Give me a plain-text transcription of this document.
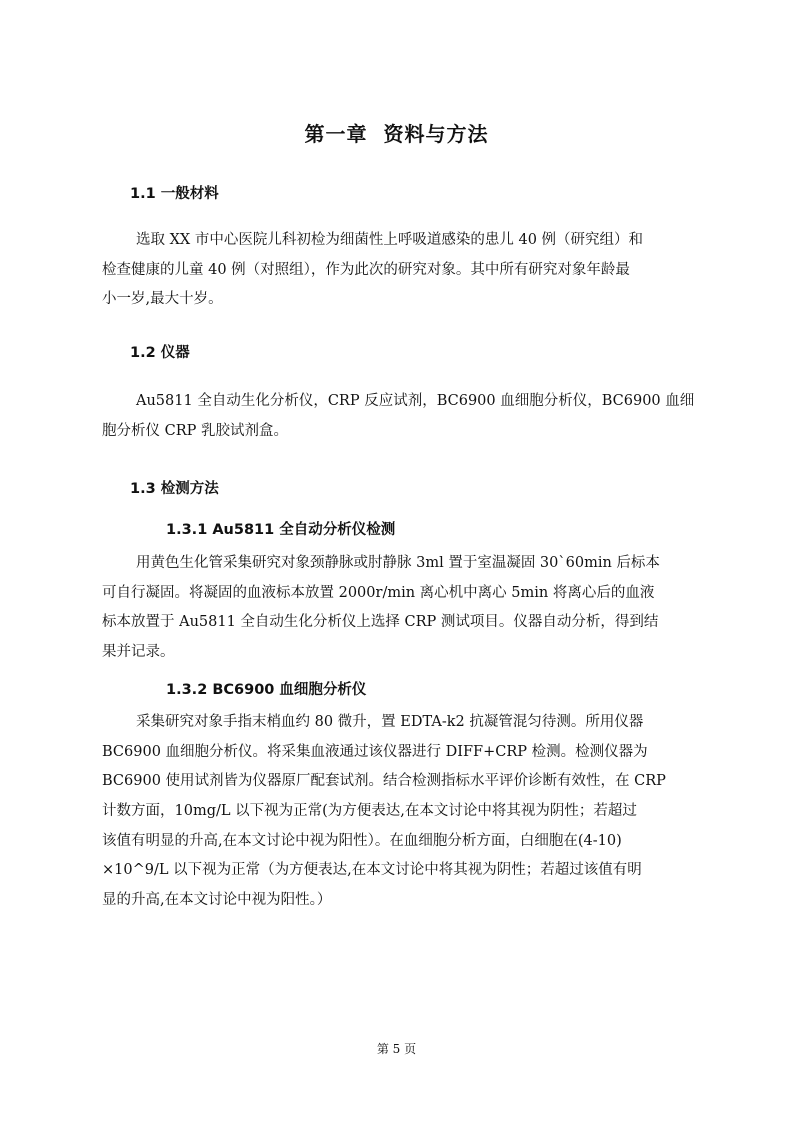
第一章  资料与方法
1.1 一般材料
选取 XX 市中心医院儿科初检为细菌性上呼吸道感染的患儿 40 例（研究组）和
检查健康的儿童 40 例（对照组），作为此次的研究对象。其中所有研究对象年龄最
小一岁,最大十岁。
1.2 仪器
Au5811 全自动生化分析仪，CRP 反应试剂，BC6900 血细胞分析仪，BC6900 血细
胞分析仪 CRP 乳胶试剂盒。
1.3 检测方法
1.3.1 Au5811 全自动分析仪检测
用黄色生化管采集研究对象颈静脉或肘静脉 3ml 置于室温凝固 30`60min 后标本
可自行凝固。将凝固的血液标本放置 2000r/min 离心机中离心 5min 将离心后的血液
标本放置于 Au5811 全自动生化分析仪上选择 CRP 测试项目。仪器自动分析，得到结
果并记录。
1.3.2 BC6900 血细胞分析仪
采集研究对象手指末梢血约 80 微升，置 EDTA-k2 抗凝管混匀待测。所用仪器
BC6900 血细胞分析仪。将采集血液通过该仪器进行 DIFF+CRP 检测。检测仪器为
BC6900 使用试剂皆为仪器原厂配套试剂。结合检测指标水平评价诊断有效性，在 CRP
计数方面，10mg/L 以下视为正常(为方便表达,在本文讨论中将其视为阴性；若超过
该值有明显的升高,在本文讨论中视为阳性）。在血细胞分析方面，白细胞在(4-10)
×10^9/L 以下视为正常（为方便表达,在本文讨论中将其视为阴性；若超过该值有明
显的升高,在本文讨论中视为阳性。）
第 5 页
